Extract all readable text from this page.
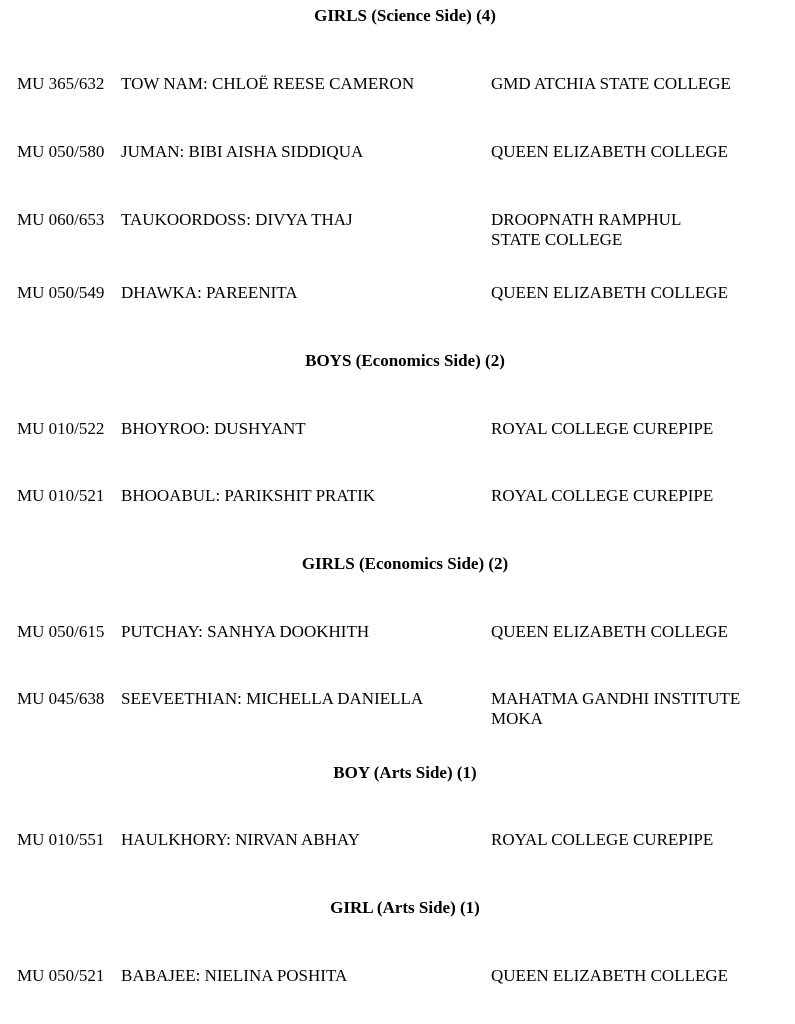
GIRLS (Science Side) (4)
MU 365/632 TOW NAM: CHLOË REESE CAMERON	GMD ATCHIA STATE COLLEGE
MU 050/580 JUMAN: BIBI AISHA SIDDIQUA	QUEEN ELIZABETH COLLEGE
MU 060/653 TAUKOORDOSS: DIVYA THAJ	DROOPNATH RAMPHUL
STATE COLLEGE
MU 050/549 DHAWKA: PAREENITA	QUEEN ELIZABETH COLLEGE
BOYS (Economics Side) (2)
MU 010/522 BHOYROO: DUSHYANT	ROYAL COLLEGE CUREPIPE
MU 010/521 BHOOABUL: PARIKSHIT PRATIK	ROYAL COLLEGE CUREPIPE
GIRLS (Economics Side) (2)
MU 050/615 PUTCHAY: SANHYA DOOKHITH	QUEEN ELIZABETH COLLEGE
MU 045/638 SEEVEETHIAN: MICHELLA DANIELLA	MAHATMA GANDHI INSTITUTE
MOKA
BOY (Arts Side) (1)
MU 010/551 HAULKHORY: NIRVAN ABHAY	ROYAL COLLEGE CUREPIPE
GIRL (Arts Side) (1)
MU 050/521 BABAJEE: NIELINA POSHITA	QUEEN ELIZABETH COLLEGE
